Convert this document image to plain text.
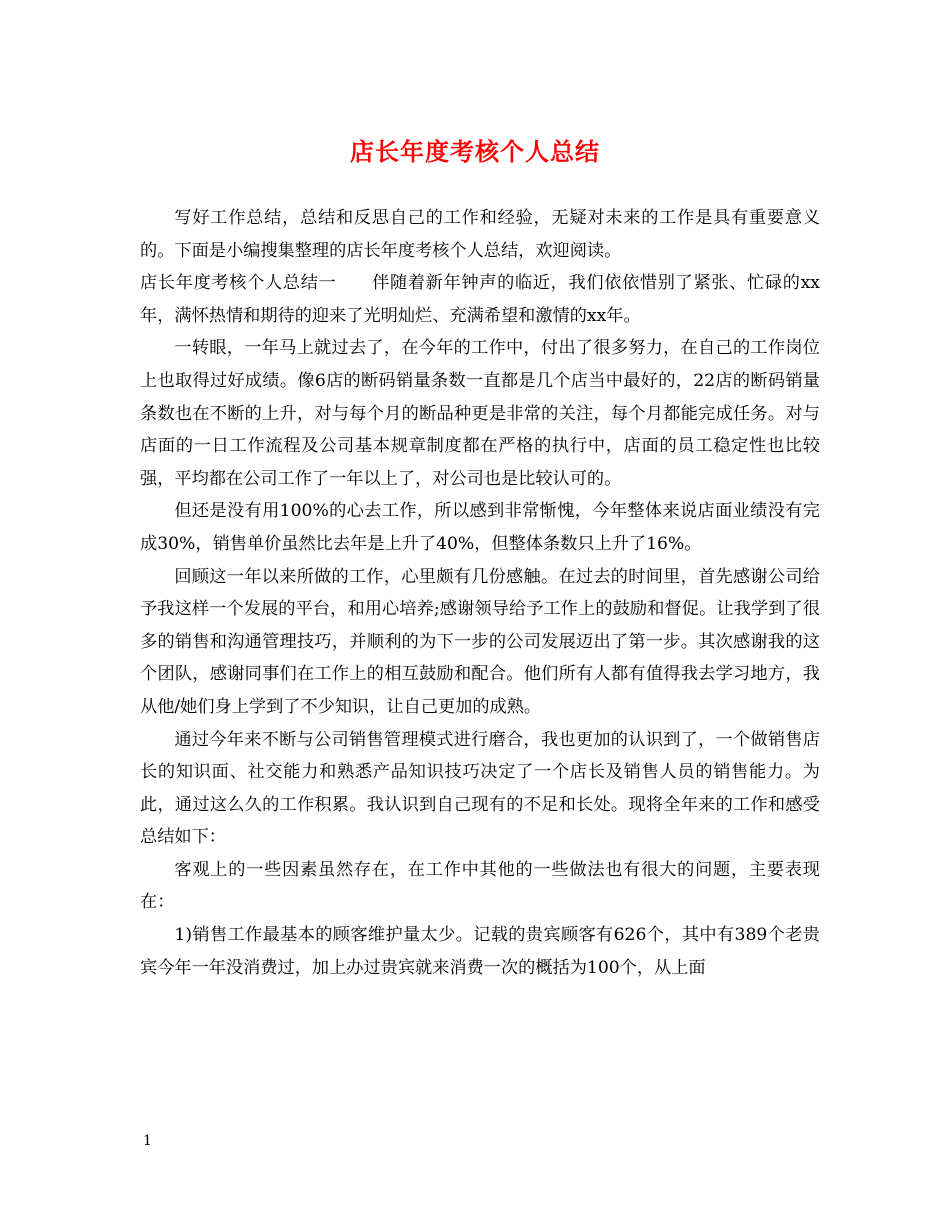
店长年度考核个人总结

写好工作总结，总结和反思自己的工作和经验，无疑对未来的工作是具有重要意义的。下面是小编搜集整理的店长年度考核个人总结，欢迎阅读。

店长年度考核个人总结一　　伴随着新年钟声的临近，我们依依惜别了紧张、忙碌的xx年，满怀热情和期待的迎来了光明灿烂、充满希望和激情的xx年。

一转眼，一年马上就过去了，在今年的工作中，付出了很多努力，在自己的工作岗位上也取得过好成绩。像6店的断码销量条数一直都是几个店当中最好的，22店的断码销量条数也在不断的上升，对与每个月的断品种更是非常的关注，每个月都能完成任务。对与店面的一日工作流程及公司基本规章制度都在严格的执行中，店面的员工稳定性也比较强，平均都在公司工作了一年以上了，对公司也是比较认可的。

但还是没有用100%的心去工作，所以感到非常惭愧，今年整体来说店面业绩没有完成30%，销售单价虽然比去年是上升了40%，但整体条数只上升了16%。

回顾这一年以来所做的工作，心里颇有几份感触。在过去的时间里，首先感谢公司给予我这样一个发展的平台，和用心培养;感谢领导给予工作上的鼓励和督促。让我学到了很多的销售和沟通管理技巧，并顺利的为下一步的公司发展迈出了第一步。其次感谢我的这个团队，感谢同事们在工作上的相互鼓励和配合。他们所有人都有值得我去学习地方，我从他/她们身上学到了不少知识，让自己更加的成熟。

通过今年来不断与公司销售管理模式进行磨合，我也更加的认识到了，一个做销售店长的知识面、社交能力和熟悉产品知识技巧决定了一个店长及销售人员的销售能力。为此，通过这么久的工作积累。我认识到自己现有的不足和长处。现将全年来的工作和感受总结如下：

客观上的一些因素虽然存在，在工作中其他的一些做法也有很大的问题，主要表现在：

1)销售工作最基本的顾客维护量太少。记载的贵宾顾客有626个，其中有389个老贵宾今年一年没消费过，加上办过贵宾就来消费一次的概括为100个，从上面

1
